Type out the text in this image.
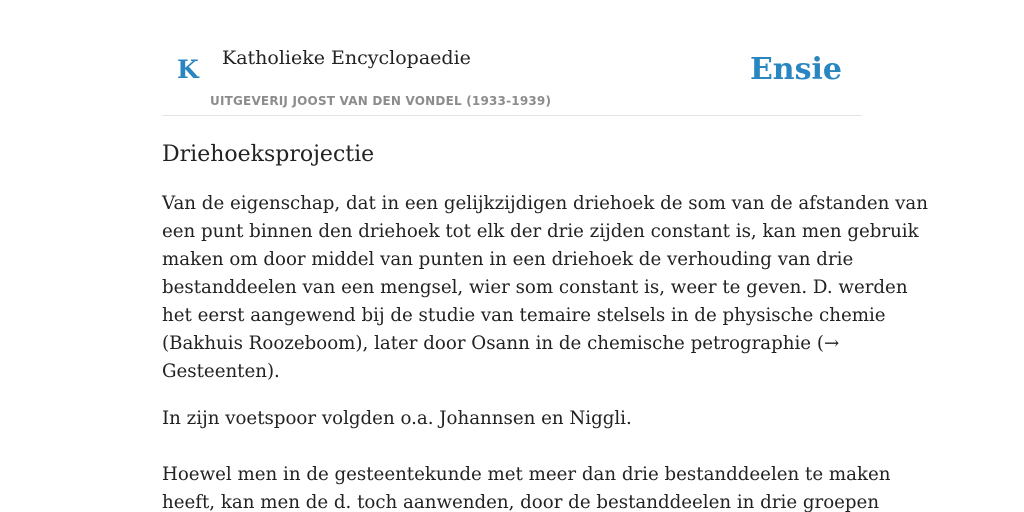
K Katholieke Encyclopaedie
UITGEVERIJ JOOST VAN DEN VONDEL (1933-1939)
Ensie
Driehoeksprojectie

Van de eigenschap, dat in een gelijkzijdigen driehoek de som van de afstanden van
een punt binnen den driehoek tot elk der drie zijden constant is, kan men gebruik
maken om door middel van punten in een driehoek de verhouding van drie
bestanddeelen van een mengsel, wier som constant is, weer te geven. D. werden
het eerst aangewend bij de studie van temaire stelsels in de physische chemie
(Bakhuis Roozeboom), later door Osann in de chemische petrographie (→
Gesteenten).

In zijn voetspoor volgden o.a. Johannsen en Niggli.

Hoewel men in de gesteentekunde met meer dan drie bestanddeelen te maken
heeft, kan men de d. toch aanwenden, door de bestanddeelen in drie groepen
